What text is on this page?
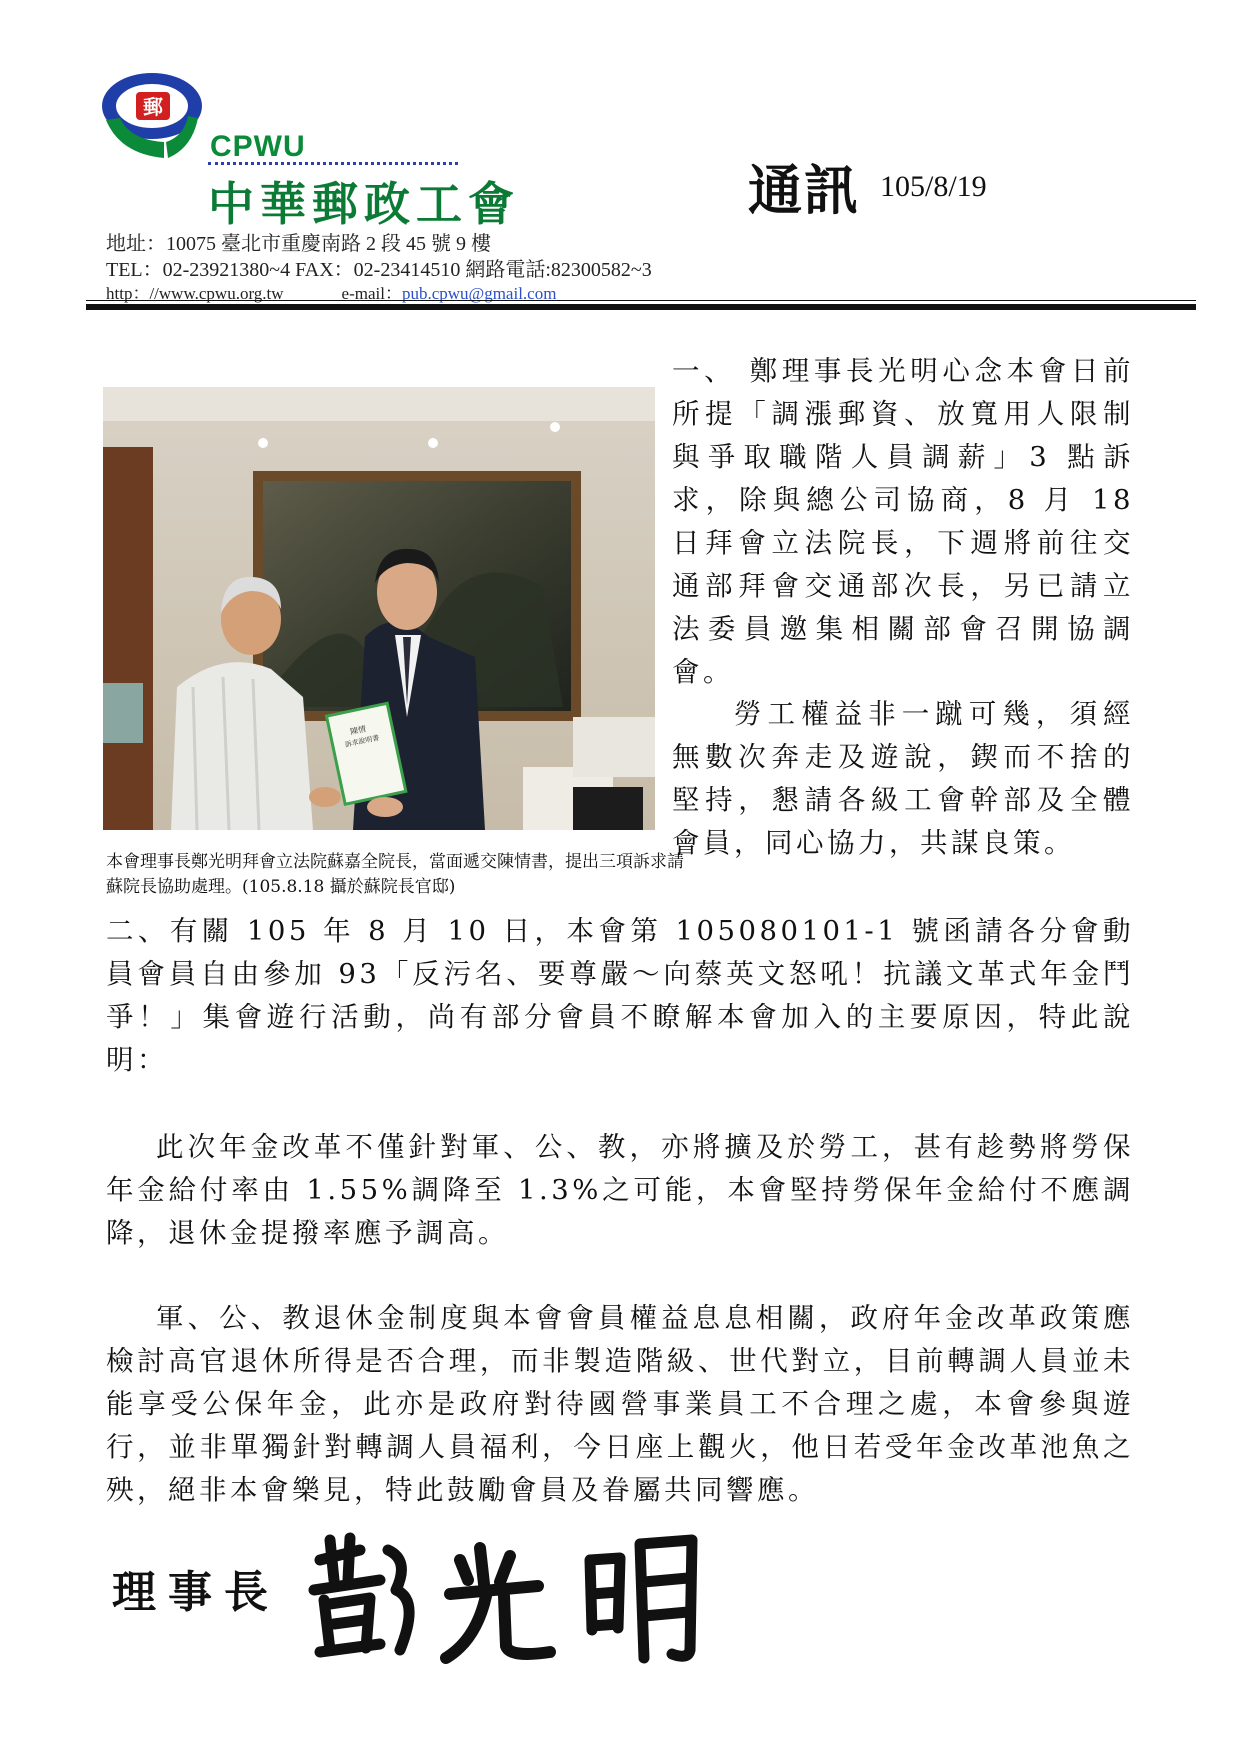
郵
CPWU
中華郵政工會	通訊 105/8/19
地址：10075 臺北市重慶南路 2 段 45 號 9 樓
TEL：02-23921380~4 FAX：02-23414510 網路電話:82300582~3
http：//www.cpwu.org.tw	e-mail：pub.cpwu@gmail.com
陳情
訴求說明書
本會理事長鄭光明拜會立法院蘇嘉全院長，當面遞交陳情書，提出三項訴求請蘇院長協助處理。(105.8.18 攝於蘇院長官邸)
一、 鄭理事長光明心念本會日前所提「調漲郵資、放寬用人限制與爭取職階人員調薪」3 點訴求，除與總公司協商，8 月 18 日拜會立法院長，下週將前往交通部拜會交通部次長，另已請立法委員邀集相關部會召開協調會。
勞工權益非一蹴可幾，須經無數次奔走及遊說，鍥而不捨的堅持，懇請各級工會幹部及全體會員，同心協力，共謀良策。
二、有關 105 年 8 月 10 日，本會第 105080101-1 號函請各分會動員會員自由參加 93「反污名、要尊嚴～向蔡英文怒吼！抗議文革式年金鬥爭！」集會遊行活動，尚有部分會員不瞭解本會加入的主要原因，特此說明：
此次年金改革不僅針對軍、公、教，亦將擴及於勞工，甚有趁勢將勞保年金給付率由 1.55%調降至 1.3%之可能，本會堅持勞保年金給付不應調降，退休金提撥率應予調高。
軍、公、教退休金制度與本會會員權益息息相關，政府年金改革政策應檢討高官退休所得是否合理，而非製造階級、世代對立，目前轉調人員並未能享受公保年金，此亦是政府對待國營事業員工不合理之處，本會參與遊行，並非單獨針對轉調人員福利，今日座上觀火，他日若受年金改革池魚之殃，絕非本會樂見，特此鼓勵會員及眷屬共同響應。
理事長
